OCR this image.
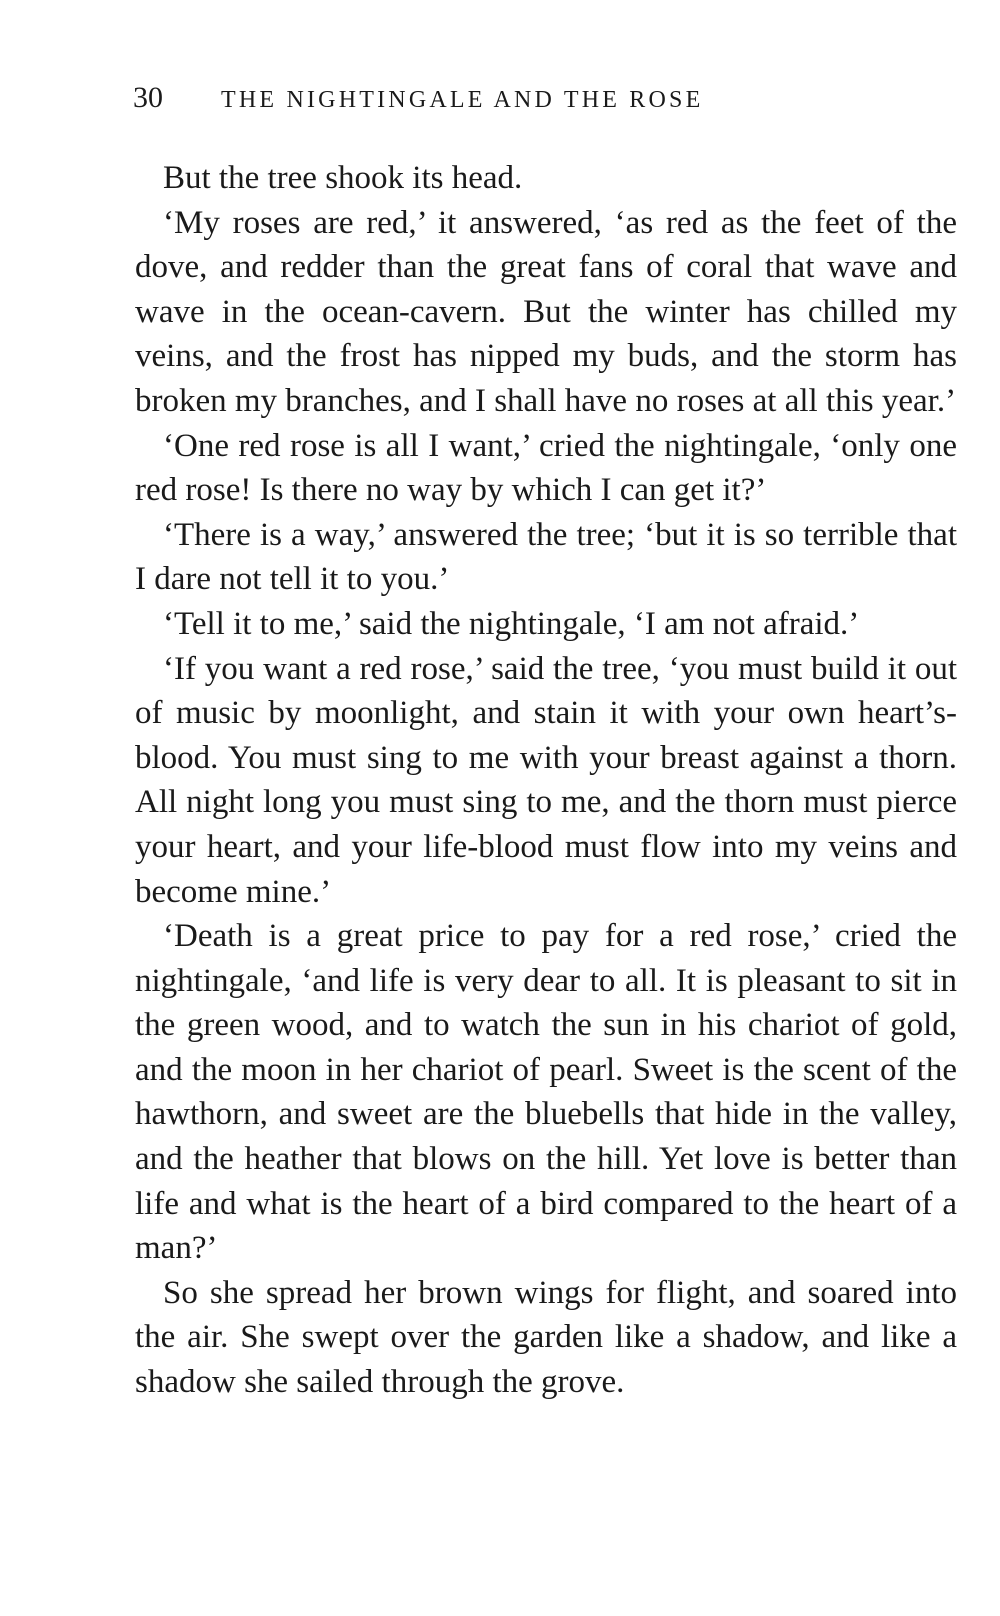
30 THE NIGHTINGALE AND THE ROSE

But the tree shook its head.

‘My roses are red,’ it answered, ‘as red as the feet of the dove, and redder than the great fans of coral that wave and wave in the ocean-cavern. But the winter has chilled my veins, and the frost has nipped my buds, and the storm has broken my branches, and I shall have no roses at all this year.’

‘One red rose is all I want,’ cried the nightingale, ‘only one red rose! Is there no way by which I can get it?’

‘There is a way,’ answered the tree; ‘but it is so terrible that I dare not tell it to you.’

‘Tell it to me,’ said the nightingale, ‘I am not afraid.’

‘If you want a red rose,’ said the tree, ‘you must build it out of music by moonlight, and stain it with your own heart’s-blood. You must sing to me with your breast against a thorn. All night long you must sing to me, and the thorn must pierce your heart, and your life-blood must flow into my veins and become mine.’

‘Death is a great price to pay for a red rose,’ cried the nightingale, ‘and life is very dear to all. It is pleasant to sit in the green wood, and to watch the sun in his chariot of gold, and the moon in her chariot of pearl. Sweet is the scent of the hawthorn, and sweet are the bluebells that hide in the valley, and the heather that blows on the hill. Yet love is better than life and what is the heart of a bird compared to the heart of a man?’

So she spread her brown wings for flight, and soared into the air. She swept over the garden like a shadow, and like a shadow she sailed through the grove.
